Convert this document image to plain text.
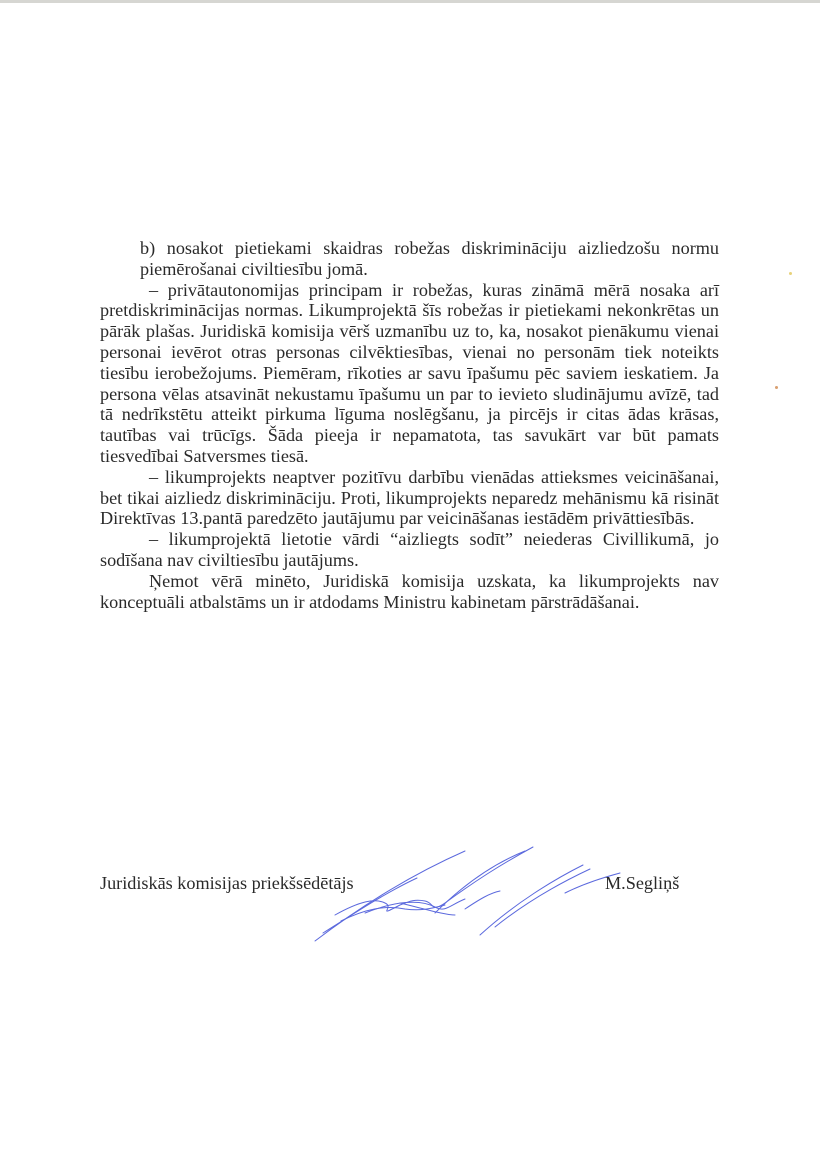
b) nosakot pietiekami skaidras robežas diskrimināciju aizliedzošu normu piemērošanai civiltiesību jomā.

– privātautonomijas principam ir robežas, kuras zināmā mērā nosaka arī pretdiskriminācijas normas. Likumprojektā šīs robežas ir pietiekami nekonkrētas un pārāk plašas. Juridiskā komisija vērš uzmanību uz to, ka, nosakot pienākumu vienai personai ievērot otras personas cilvēktiesības, vienai no personām tiek noteikts tiesību ierobežojums. Piemēram, rīkoties ar savu īpašumu pēc saviem ieskatiem. Ja persona vēlas atsavināt nekustamu īpašumu un par to ievieto sludinājumu avīzē, tad tā nedrīkstētu atteikt pirkuma līguma noslēgšanu, ja pircējs ir citas ādas krāsas, tautības vai trūcīgs. Šāda pieeja ir nepamatota, tas savukārt var būt pamats tiesvedībai Satversmes tiesā.

– likumprojekts neaptver pozitīvu darbību vienādas attieksmes veicināšanai, bet tikai aizliedz diskrimināciju. Proti, likumprojekts neparedz mehānismu kā risināt Direktīvas 13.pantā paredzēto jautājumu par veicināšanas iestādēm privāttiesībās.

– likumprojektā lietotie vārdi “aizliegts sodīt” neiederas Civillikumā, jo sodīšana nav civiltiesību jautājums.

Ņemot vērā minēto, Juridiskā komisija uzskata, ka likumprojekts nav konceptuāli atbalstāms un ir atdodams Ministru kabinetam pārstrādāšanai.

Juridiskās komisijas priekšsēdētājs	M.Segliņš
